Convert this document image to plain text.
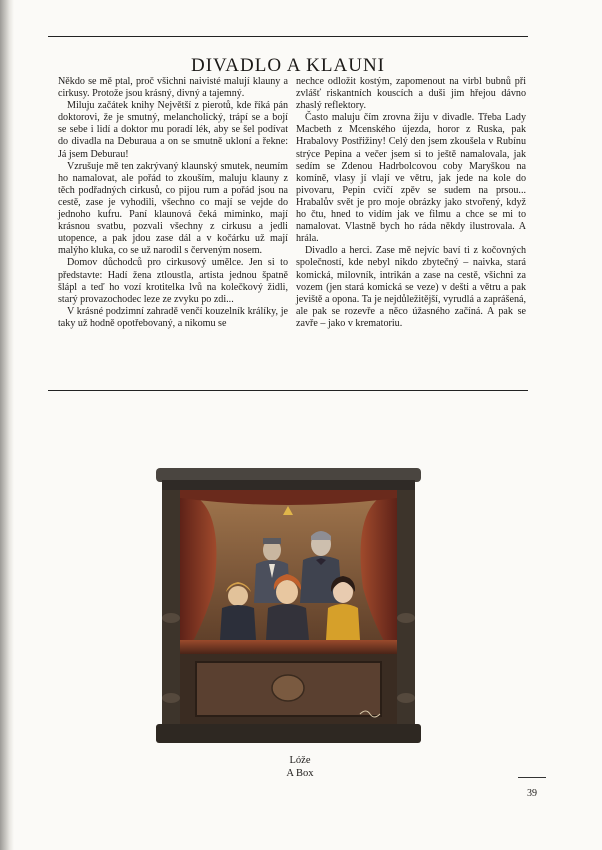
DIVADLO A KLAUNI

Někdo se mě ptal, proč všichni naivisté malují klauny a cirkusy. Protože jsou krásný, divný a tajemný.

Miluju začátek knihy Největší z pierotů, kde říká pán doktorovi, že je smutný, melancholický, trápí se a bojí se sebe i lidí a doktor mu poradí lék, aby se šel podívat do divadla na Deburaua a on se smutně ukloní a řekne: Já jsem Deburau!

Vzrušuje mě ten zakrývaný klaunský smutek, neumím ho namalovat, ale pořád to zkouším, maluju klauny z těch podřadných cirkusů, co pijou rum a pořád jsou na cestě, zase je vyhodili, všechno co mají se vejde do jednoho kufru. Paní klaunová čeká miminko, mají krásnou svatbu, pozvali všechny z cirkusu a jedli utopence, a pak jdou zase dál a v kočárku už mají malýho kluka, co se už narodil s červeným nosem.

Domov důchodců pro cirkusový umělce. Jen si to představte: Hadí žena ztloustla, artista jednou špatně šlápl a teď ho vozí krotitelka lvů na kolečkový židli, starý provazochodec leze ze zvyku po zdi...

V krásné podzimní zahradě venčí kouzelník králíky, je taky už hodně opotřebovaný, a nikomu se

nechce odložit kostým, zapomenout na virbl bubnů při zvlášť riskantních kouscích a duši jim hřejou dávno zhaslý reflektory.

Často maluju čím zrovna žiju v divadle. Třeba Lady Macbeth z Mcenského újezda, horor z Ruska, pak Hrabalovy Postřižiny! Celý den jsem zkoušela v Rubínu strýce Pepina a večer jsem si to ještě namalovala, jak sedím se Zdenou Hadrbolcovou coby Maryškou na komíně, vlasy jí vlají ve větru, jak jede na kole do pivovaru, Pepin cvičí zpěv se sudem na prsou... Hrabalův svět je pro moje obrázky jako stvořený, když ho čtu, hned to vidím jak ve filmu a chce se mi to namalovat. Vlastně bych ho ráda někdy ilustrovala. A hrála.

Divadlo a herci. Zase mě nejvíc baví ti z kočovných společností, kde nebyl nikdo zbytečný – naivka, stará komická, milovník, intrikán a zase na cestě, všichni za vozem (jen stará komická se veze) v dešti a větru a pak jeviště a opona. Ta je nejdůležitější, vyrudlá a zaprášená, ale pak se rozevře a něco úžasného začíná. A pak se zavře – jako v krematoriu.

Lóže
A Box
39
